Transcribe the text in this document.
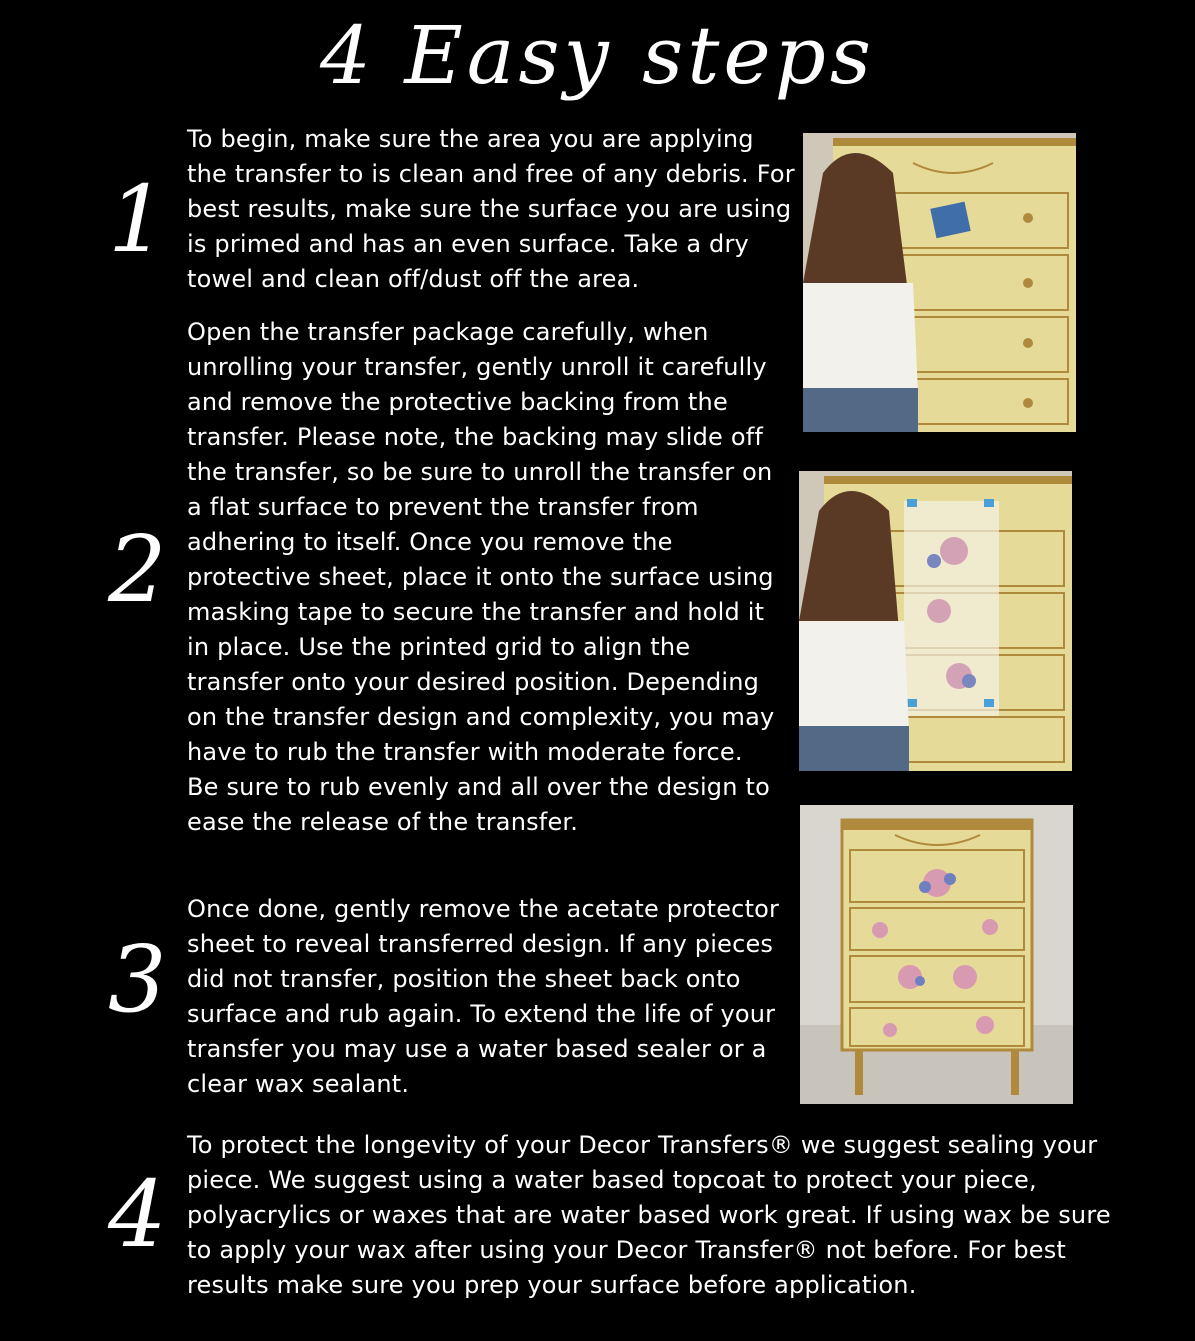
4 Easy steps
1
To begin, make sure the area you are applying the transfer to is clean and free of any debris. For best results, make sure the surface you are using is primed and has an even surface. Take a dry towel and clean off/dust off the area.
2
Open the transfer package carefully, when unrolling your transfer, gently unroll it carefully and remove the protective backing from the transfer. Please note, the backing may slide off the transfer, so be sure to unroll the transfer on a flat surface to prevent the transfer from adhering to itself. Once you remove the protective sheet, place it onto the surface using masking tape to secure the transfer and hold it in place. Use the printed grid to align the transfer onto your desired position. Depending on the transfer design and complexity, you may have to rub the transfer with moderate force. Be sure to rub evenly and all over the design to ease the release of the transfer.
3
Once done, gently remove the acetate protector sheet to reveal transferred design. If any pieces did not transfer, position the sheet back onto surface and rub again. To extend the life of your transfer you may use a water based sealer or a clear wax sealant.
4
To protect the longevity of your Decor Transfers® we suggest sealing your piece. We suggest using a water based topcoat to protect your piece, polyacrylics or waxes that are water based work great. If using wax be sure to apply your wax after using your Decor Transfer® not before. For best results make sure you prep your surface before application.
